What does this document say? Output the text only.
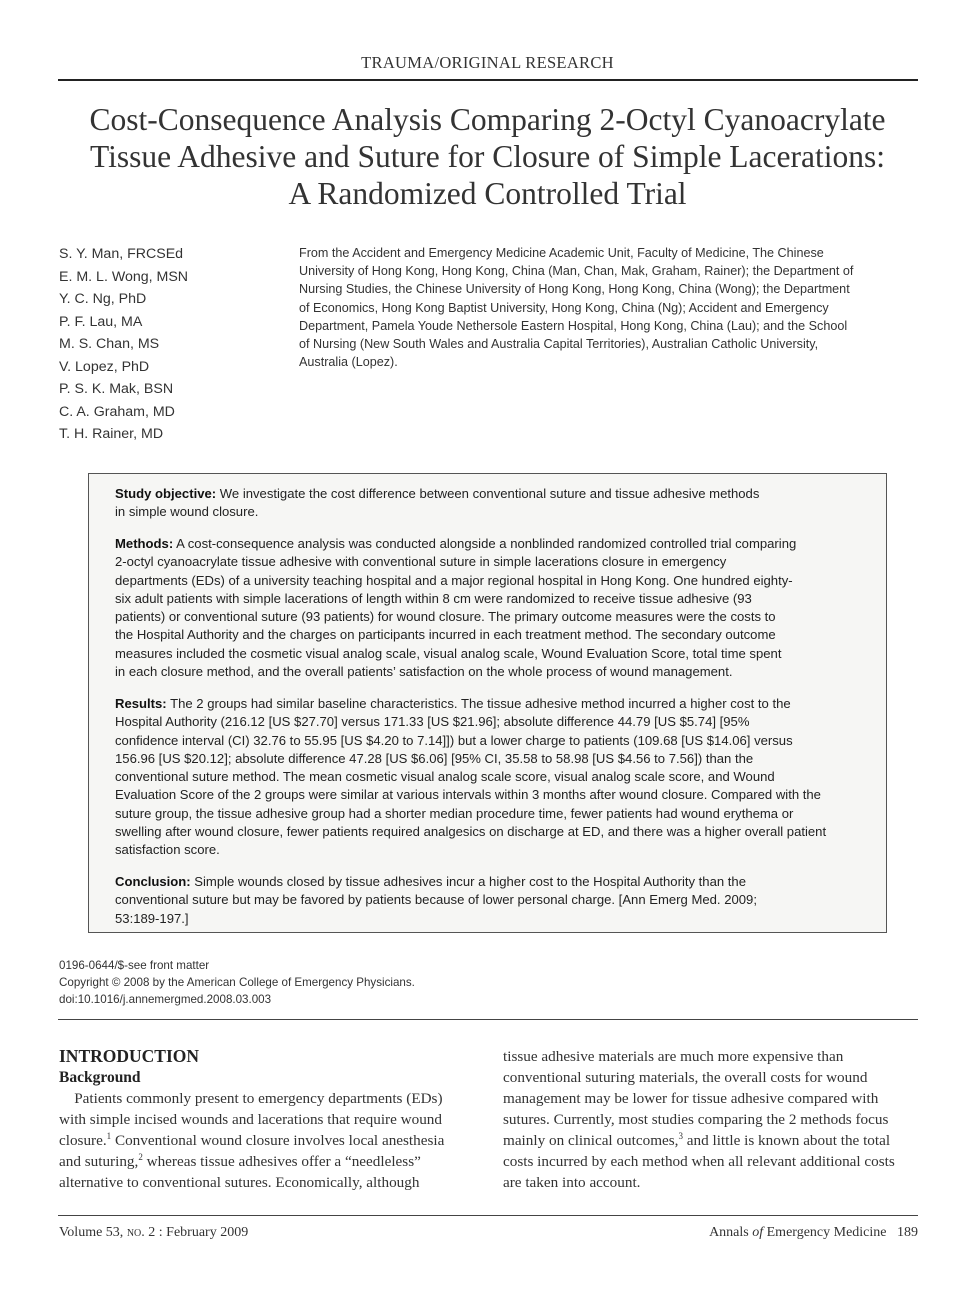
TRAUMA/ORIGINAL RESEARCH
Cost-Consequence Analysis Comparing 2-Octyl Cyanoacrylate
Tissue Adhesive and Suture for Closure of Simple Lacerations:
A Randomized Controlled Trial
S. Y. Man, FRCSEd
E. M. L. Wong, MSN
Y. C. Ng, PhD
P. F. Lau, MA
M. S. Chan, MS
V. Lopez, PhD
P. S. K. Mak, BSN
C. A. Graham, MD
T. H. Rainer, MD
From the Accident and Emergency Medicine Academic Unit, Faculty of Medicine, The Chinese
University of Hong Kong, Hong Kong, China (Man, Chan, Mak, Graham, Rainer); the Department of
Nursing Studies, the Chinese University of Hong Kong, Hong Kong, China (Wong); the Department
of Economics, Hong Kong Baptist University, Hong Kong, China (Ng); Accident and Emergency
Department, Pamela Youde Nethersole Eastern Hospital, Hong Kong, China (Lau); and the School
of Nursing (New South Wales and Australia Capital Territories), Australian Catholic University,
Australia (Lopez).
Study objective: We investigate the cost difference between conventional suture and tissue adhesive methods
in simple wound closure.
Methods: A cost-consequence analysis was conducted alongside a nonblinded randomized controlled trial comparing
2-octyl cyanoacrylate tissue adhesive with conventional suture in simple lacerations closure in emergency
departments (EDs) of a university teaching hospital and a major regional hospital in Hong Kong. One hundred eighty-
six adult patients with simple lacerations of length within 8 cm were randomized to receive tissue adhesive (93
patients) or conventional suture (93 patients) for wound closure. The primary outcome measures were the costs to
the Hospital Authority and the charges on participants incurred in each treatment method. The secondary outcome
measures included the cosmetic visual analog scale, visual analog scale, Wound Evaluation Score, total time spent
in each closure method, and the overall patients’ satisfaction on the whole process of wound management.
Results: The 2 groups had similar baseline characteristics. The tissue adhesive method incurred a higher cost to the
Hospital Authority (216.12 [US $27.70] versus 171.33 [US $21.96]; absolute difference 44.79 [US $5.74] [95%
confidence interval (CI) 32.76 to 55.95 [US $4.20 to 7.14]]) but a lower charge to patients (109.68 [US $14.06] versus
156.96 [US $20.12]; absolute difference 47.28 [US $6.06] [95% CI, 35.58 to 58.98 [US $4.56 to 7.56]) than the
conventional suture method. The mean cosmetic visual analog scale score, visual analog scale score, and Wound
Evaluation Score of the 2 groups were similar at various intervals within 3 months after wound closure. Compared with the
suture group, the tissue adhesive group had a shorter median procedure time, fewer patients had wound erythema or
swelling after wound closure, fewer patients required analgesics on discharge at ED, and there was a higher overall patient
satisfaction score.
Conclusion: Simple wounds closed by tissue adhesives incur a higher cost to the Hospital Authority than the
conventional suture but may be favored by patients because of lower personal charge. [Ann Emerg Med. 2009;
53:189-197.]
0196-0644/$-see front matter
Copyright © 2008 by the American College of Emergency Physicians.
doi:10.1016/j.annemergmed.2008.03.003
INTRODUCTION
Background
Patients commonly present to emergency departments (EDs)
with simple incised wounds and lacerations that require wound
closure.$^1$ Conventional wound closure involves local anesthesia
and suturing,$^2$ whereas tissue adhesives offer a “needleless”
alternative to conventional sutures. Economically, although
tissue adhesive materials are much more expensive than
conventional suturing materials, the overall costs for wound
management may be lower for tissue adhesive compared with
sutures. Currently, most studies comparing the 2 methods focus
mainly on clinical outcomes,$^3$ and little is known about the total
costs incurred by each method when all relevant additional costs
are taken into account.
Volume 53, no. 2 : February 2009	Annals of Emergency Medicine 189
